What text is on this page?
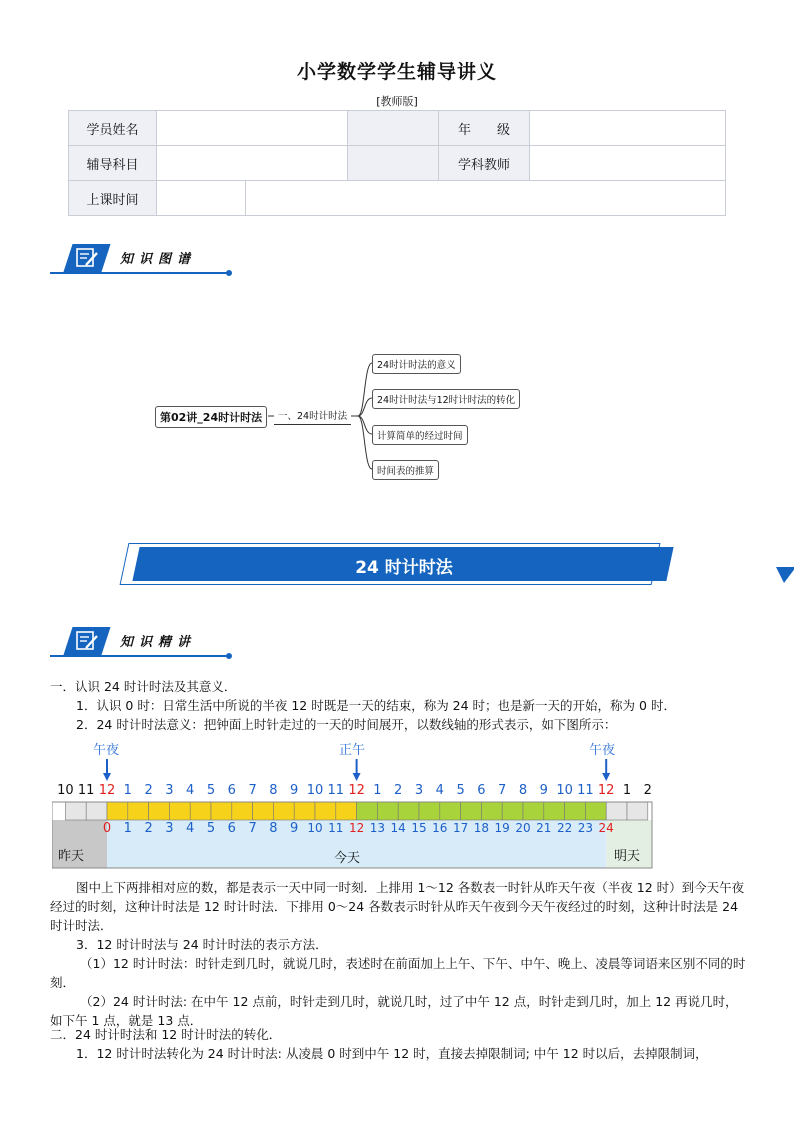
小学数学学生辅导讲义
[教师版]
学员姓名			年　　级	
辅导科目			学科教师	
上课时间				
知识图谱
第02讲_24时计时法	一、24时计时法
24时计时法的意义
24时计时法与12时计时法的转化
计算简单的经过时间
时间表的推算
24 时计时法
知识精讲
一．认识 24 时计时法及其意义．
1．认识 0 时：日常生活中所说的半夜 12 时既是一天的结束，称为 24 时；也是新一天的开始，称为 0 时．
2．24 时计时法意义：把钟面上时针走过的一天的时间展开，以数线轴的形式表示，如下图所示：
午夜	正午	午夜
10 11 12 1 2 3 4 5 6 7 8 9 10 11 12 1 2 3 4 5 6 7 8 9 10 11 12 1 2
0 1 2 3 4 5 6 7 8 9 10 11 12 13 14 15 16 17 18 19 20 21 22 23 24
昨天	今天	明天
图中上下两排相对应的数，都是表示一天中同一时刻．上排用 1～12 各数表一时针从昨天午夜（半夜 12 时）到今天午夜经过的时刻，这种计时法是 12 时计时法．下排用 0～24 各数表示时针从昨天午夜到今天午夜经过的时刻，这种计时法是 24 时计时法．
3．12 时计时法与 24 时计时法的表示方法．
（1）12 时计时法：时针走到几时，就说几时，表述时在前面加上上午、下午、中午、晚上、凌晨等词语来区别不同的时刻．
（2）24 时计时法: 在中午 12 点前，时针走到几时，就说几时，过了中午 12 点，时针走到几时，加上 12 再说几时，如下午 1 点，就是 13 点．
二．24 时计时法和 12 时计时法的转化．
1．12 时计时法转化为 24 时计时法: 从凌晨 0 时到中午 12 时，直接去掉限制词; 中午 12 时以后，去掉限制词，
